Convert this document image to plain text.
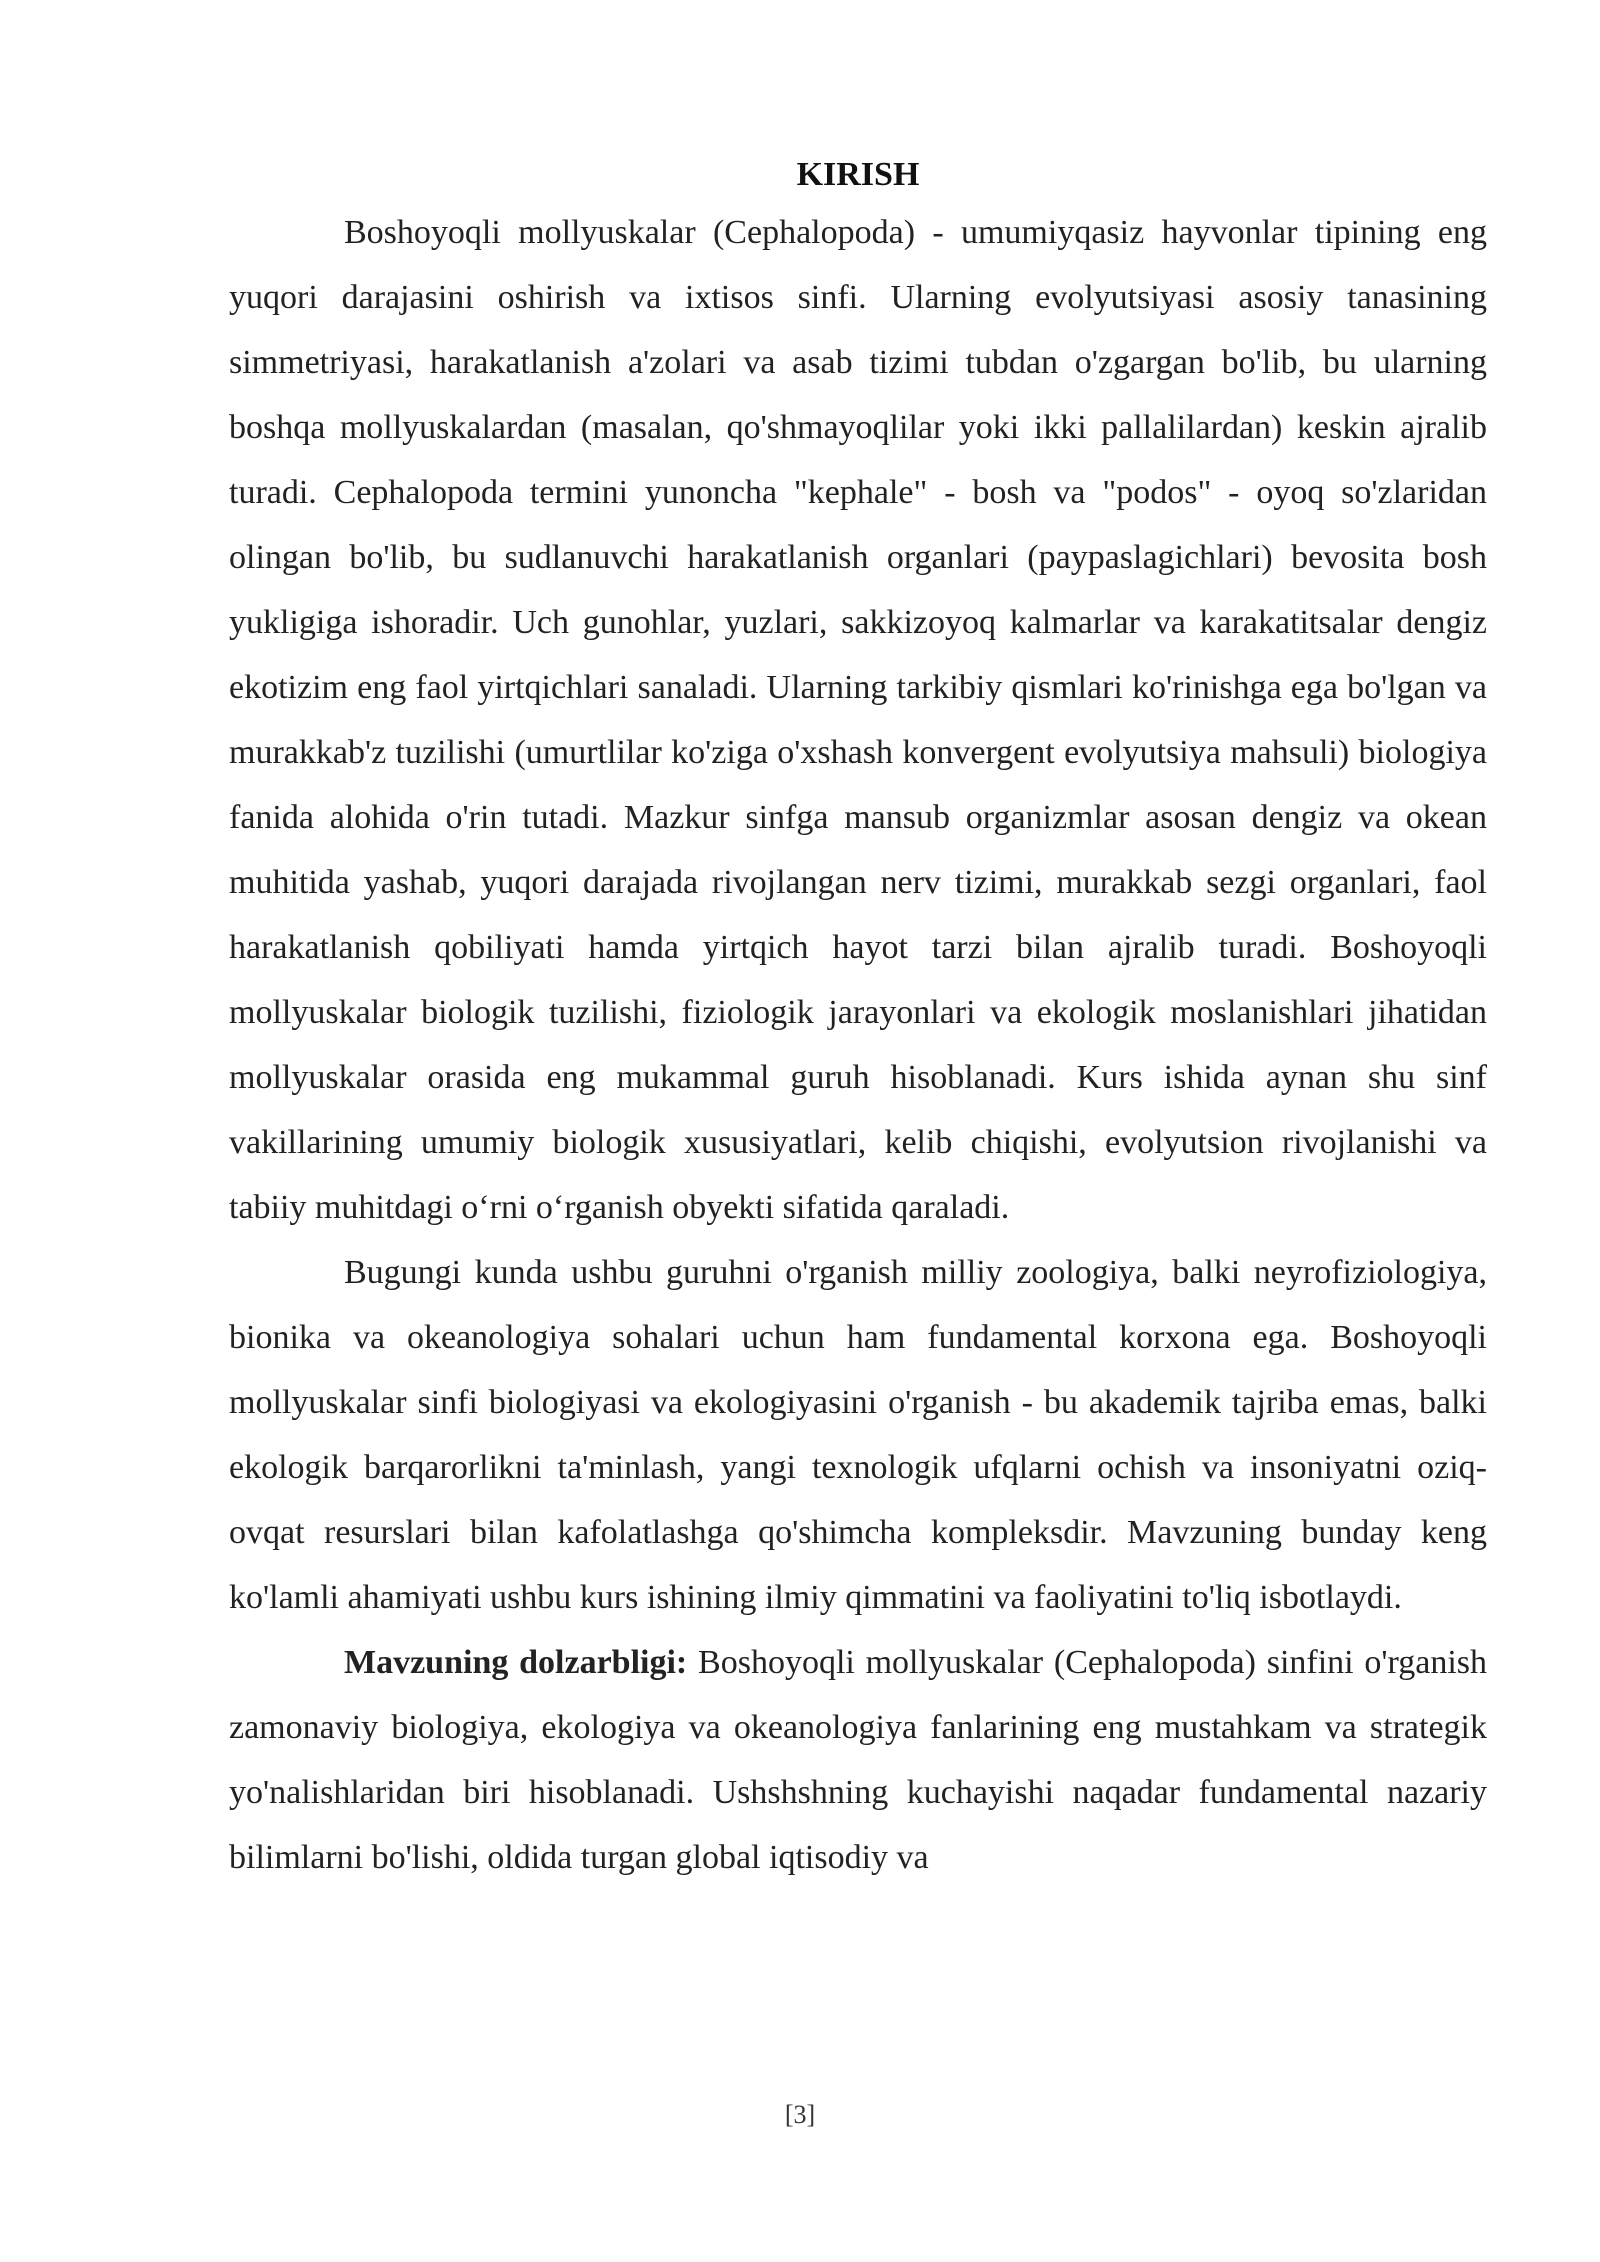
KIRISH

Boshoyoqli mollyuskalar (Cephalopoda) - umumiyqasiz hayvonlar tipining eng yuqori darajasini oshirish va ixtisos sinfi. Ularning evolyutsiyasi asosiy tanasining simmetriyasi, harakatlanish a'zolari va asab tizimi tubdan o'zgargan bo'lib, bu ularning boshqa mollyuskalardan (masalan, qo'shmayoqlilar yoki ikki pallalilardan) keskin ajralib turadi. Cephalopoda termini yunoncha "kephale" - bosh va "podos" - oyoq so'zlaridan olingan bo'lib, bu sudlanuvchi harakatlanish organlari (paypaslagichlari) bevosita bosh yukligiga ishoradir. Uch gunohlar, yuzlari, sakkizoyoq kalmarlar va karakatitsalar dengiz ekotizim eng faol yirtqichlari sanaladi. Ularning tarkibiy qismlari ko'rinishga ega bo'lgan va murakkab'z tuzilishi (umurtlilar ko'ziga o'xshash konvergent evolyutsiya mahsuli) biologiya fanida alohida o'rin tutadi. Mazkur sinfga mansub organizmlar asosan dengiz va okean muhitida yashab, yuqori darajada rivojlangan nerv tizimi, murakkab sezgi organlari, faol harakatlanish qobiliyati hamda yirtqich hayot tarzi bilan ajralib turadi. Boshoyoqli mollyuskalar biologik tuzilishi, fiziologik jarayonlari va ekologik moslanishlari jihatidan mollyuskalar orasida eng mukammal guruh hisoblanadi. Kurs ishida aynan shu sinf vakillarining umumiy biologik xususiyatlari, kelib chiqishi, evolyutsion rivojlanishi va tabiiy muhitdagi o‘rni o‘rganish obyekti sifatida qaraladi.

Bugungi kunda ushbu guruhni o'rganish milliy zoologiya, balki neyrofiziologiya, bionika va okeanologiya sohalari uchun ham fundamental korxona ega. Boshoyoqli mollyuskalar sinfi biologiyasi va ekologiyasini o'rganish - bu akademik tajriba emas, balki ekologik barqarorlikni ta'minlash, yangi texnologik ufqlarni ochish va insoniyatni oziq-ovqat resurslari bilan kafolatlashga qo'shimcha kompleksdir. Mavzuning bunday keng ko'lamli ahamiyati ushbu kurs ishining ilmiy qimmatini va faoliyatini to'liq isbotlaydi.

Mavzuning dolzarbligi: Boshoyoqli mollyuskalar (Cephalopoda) sinfini o'rganish zamonaviy biologiya, ekologiya va okeanologiya fanlarining eng mustahkam va strategik yo'nalishlaridan biri hisoblanadi. Ushshshning kuchayishi naqadar fundamental nazariy bilimlarni bo'lishi, oldida turgan global iqtisodiy va

[3]
